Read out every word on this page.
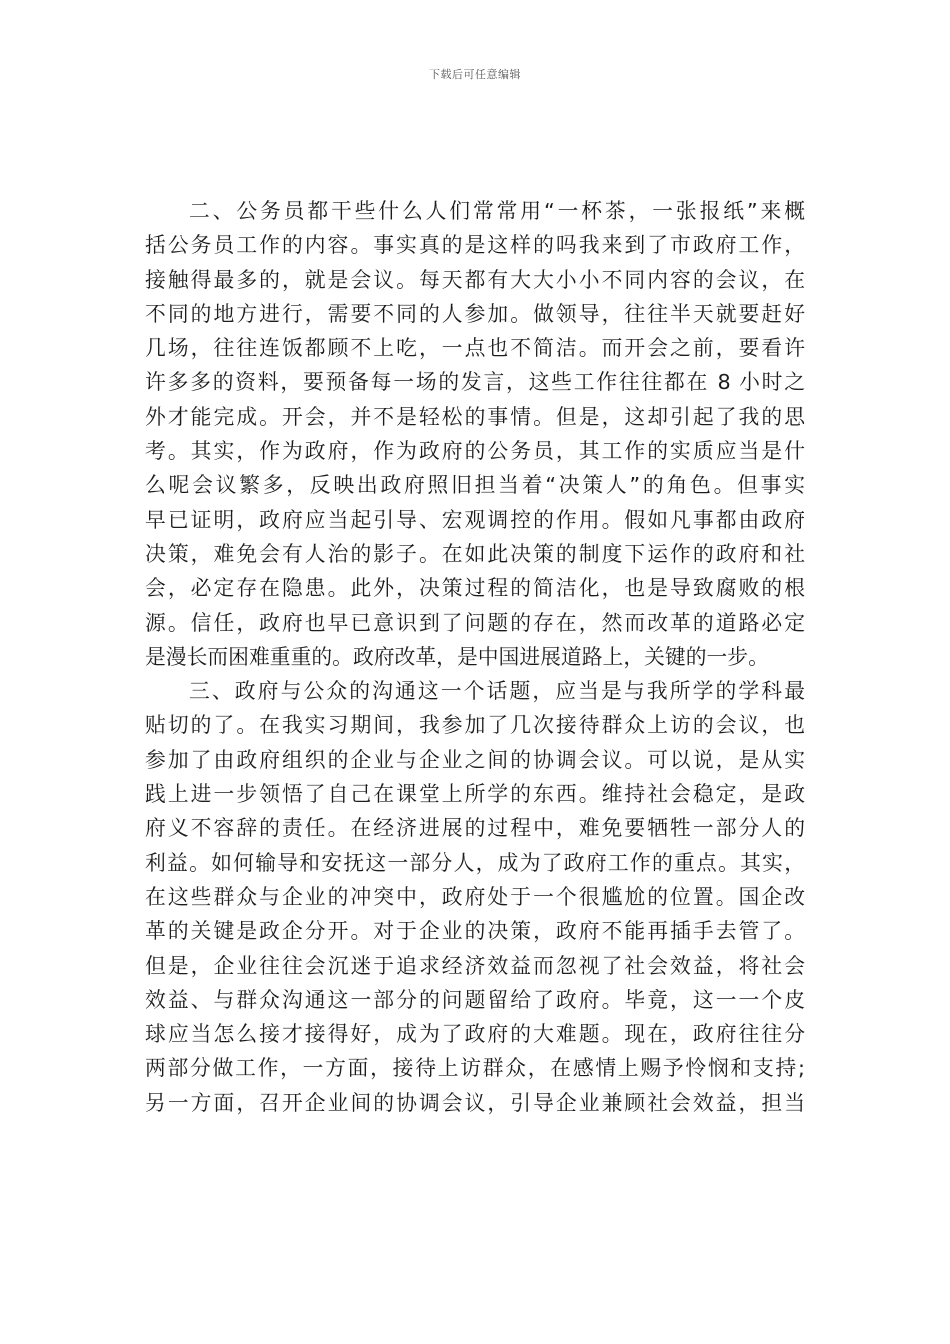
下载后可任意编辑
二、公务员都干些什么人们常常用“一杯茶，一张报纸”来概
括公务员工作的内容。事实真的是这样的吗我来到了市政府工作，
接触得最多的，就是会议。每天都有大大小小不同内容的会议，在
不同的地方进行，需要不同的人参加。做领导，往往半天就要赶好
几场，往往连饭都顾不上吃，一点也不简洁。而开会之前，要看许
许多多的资料，要预备每一场的发言，这些工作往往都在 8 小时之
外才能完成。开会，并不是轻松的事情。但是，这却引起了我的思
考。其实，作为政府，作为政府的公务员，其工作的实质应当是什
么呢会议繁多，反映出政府照旧担当着“决策人”的角色。但事实
早已证明，政府应当起引导、宏观调控的作用。假如凡事都由政府
决策，难免会有人治的影子。在如此决策的制度下运作的政府和社
会，必定存在隐患。此外，决策过程的简洁化，也是导致腐败的根
源。信任，政府也早已意识到了问题的存在，然而改革的道路必定
是漫长而困难重重的。政府改革，是中国进展道路上，关键的一步。
三、政府与公众的沟通这一个话题，应当是与我所学的学科最
贴切的了。在我实习期间，我参加了几次接待群众上访的会议，也
参加了由政府组织的企业与企业之间的协调会议。可以说，是从实
践上进一步领悟了自己在课堂上所学的东西。维持社会稳定，是政
府义不容辞的责任。在经济进展的过程中，难免要牺牲一部分人的
利益。如何输导和安抚这一部分人，成为了政府工作的重点。其实，
在这些群众与企业的冲突中，政府处于一个很尴尬的位置。国企改
革的关键是政企分开。对于企业的决策，政府不能再插手去管了。
但是，企业往往会沉迷于追求经济效益而忽视了社会效益，将社会
效益、与群众沟通这一部分的问题留给了政府。毕竟，这一一个皮
球应当怎么接才接得好，成为了政府的大难题。现在，政府往往分
两部分做工作，一方面，接待上访群众，在感情上赐予怜悯和支持;
另一方面，召开企业间的协调会议，引导企业兼顾社会效益，担当
